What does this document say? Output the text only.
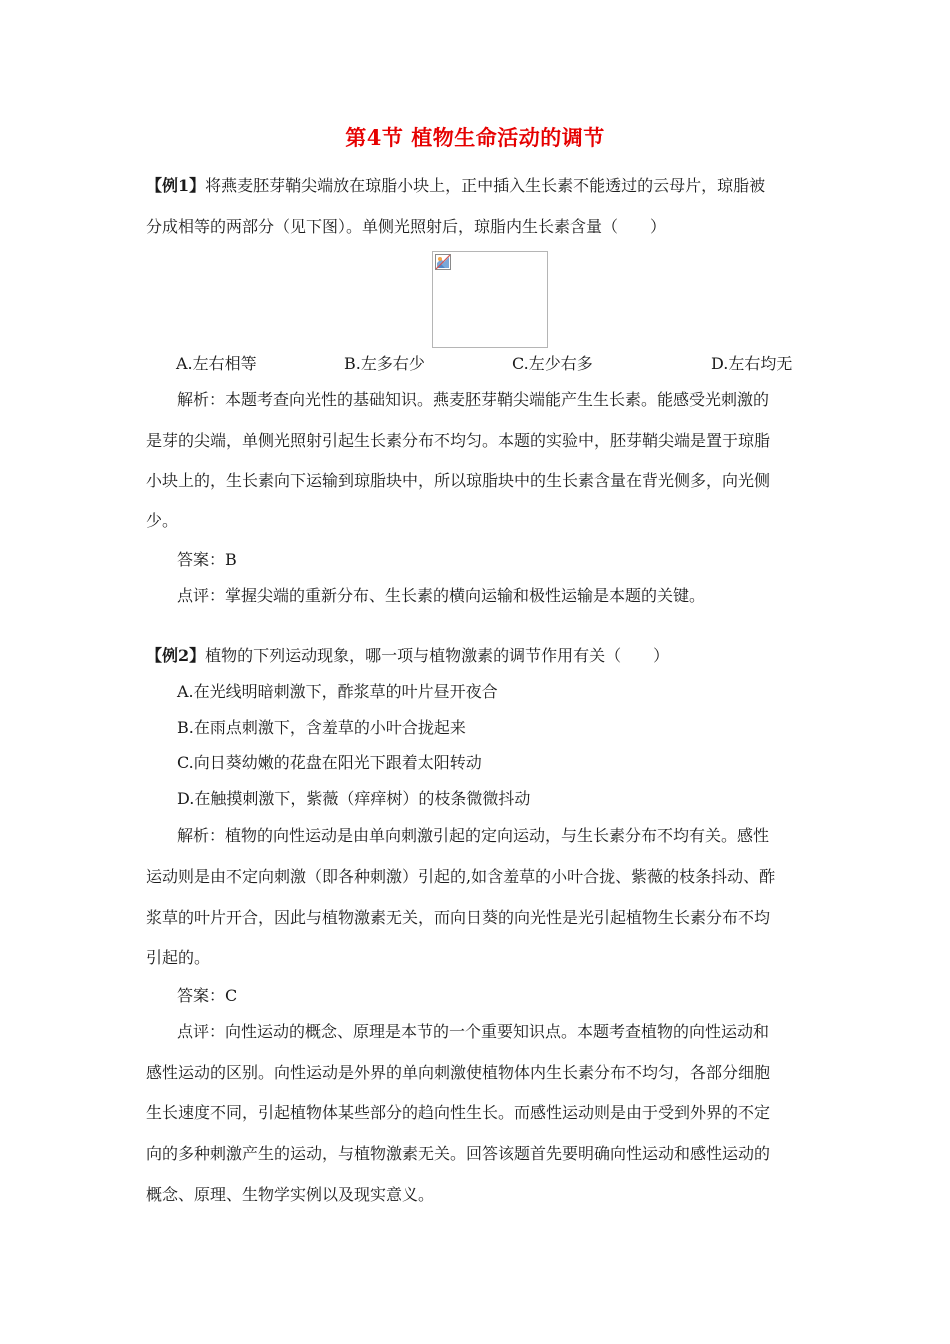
第4节 植物生命活动的调节
【例1】将燕麦胚芽鞘尖端放在琼脂小块上，正中插入生长素不能透过的云母片，琼脂被
分成相等的两部分（见下图）。单侧光照射后，琼脂内生长素含量（　　）
A.左右相等	B.左多右少	C.左少右多	D.左右均无
解析：本题考查向光性的基础知识。燕麦胚芽鞘尖端能产生生长素。能感受光刺激的
是芽的尖端，单侧光照射引起生长素分布不均匀。本题的实验中，胚芽鞘尖端是置于琼脂
小块上的，生长素向下运输到琼脂块中，所以琼脂块中的生长素含量在背光侧多，向光侧
少。
答案：B
点评：掌握尖端的重新分布、生长素的横向运输和极性运输是本题的关键。
【例2】植物的下列运动现象，哪一项与植物激素的调节作用有关（　　）
A.在光线明暗刺激下，酢浆草的叶片昼开夜合
B.在雨点刺激下，含羞草的小叶合拢起来
C.向日葵幼嫩的花盘在阳光下跟着太阳转动
D.在触摸刺激下，紫薇（痒痒树）的枝条微微抖动
解析：植物的向性运动是由单向刺激引起的定向运动，与生长素分布不均有关。感性
运动则是由不定向刺激（即各种刺激）引起的,如含羞草的小叶合拢、紫薇的枝条抖动、酢
浆草的叶片开合，因此与植物激素无关，而向日葵的向光性是光引起植物生长素分布不均
引起的。
答案：C
点评：向性运动的概念、原理是本节的一个重要知识点。本题考查植物的向性运动和
感性运动的区别。向性运动是外界的单向刺激使植物体内生长素分布不均匀，各部分细胞
生长速度不同，引起植物体某些部分的趋向性生长。而感性运动则是由于受到外界的不定
向的多种刺激产生的运动，与植物激素无关。回答该题首先要明确向性运动和感性运动的
概念、原理、生物学实例以及现实意义。
